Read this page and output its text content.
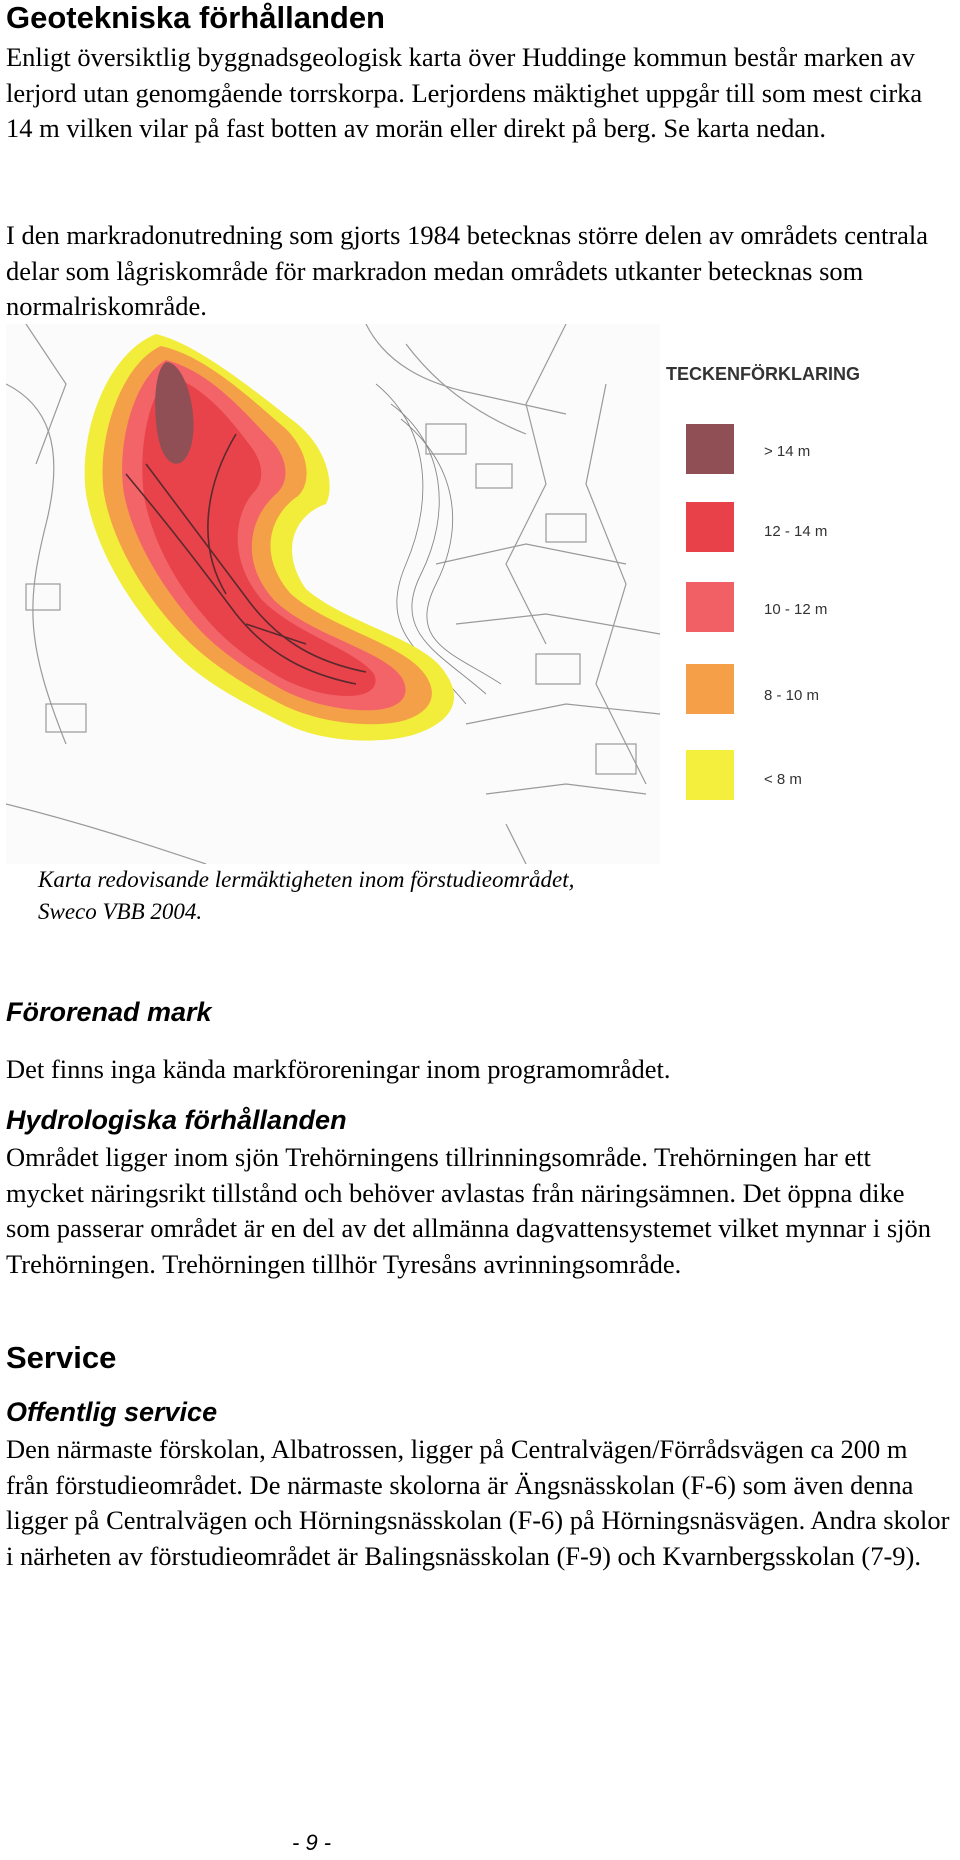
Geotekniska förhållanden

Enligt översiktlig byggnadsgeologisk karta över Huddinge kommun består marken av lerjord utan genomgående torrskorpa. Lerjordens mäktighet uppgår till som mest cirka 14 m vilken vilar på fast botten av morän eller direkt på berg. Se karta nedan.

I den markradonutredning som gjorts 1984 betecknas större delen av områdets centrala delar som lågriskområde för markradon medan områdets utkanter betecknas som normalriskområde.

TECKENFÖRKLARING
> 14 m
12 - 14 m
10 - 12 m
8 - 10 m
< 8 m
Karta redovisande lermäktigheten inom förstudieområdet,
Sweco VBB 2004.
Förorenad mark

Det finns inga kända markföroreningar inom programområdet.

Hydrologiska förhållanden

Området ligger inom sjön Trehörningens tillrinningsområde. Trehörningen har ett mycket näringsrikt tillstånd och behöver avlastas från näringsämnen. Det öppna dike som passerar området är en del av det allmänna dagvattensystemet vilket mynnar i sjön Trehörningen. Trehörningen tillhör Tyresåns avrinningsområde.

Service
Offentlig service

Den närmaste förskolan, Albatrossen, ligger på Centralvägen/Förrådsvägen ca 200 m från förstudieområdet. De närmaste skolorna är Ängsnässkolan (F-6) som även denna ligger på Centralvägen och Hörningsnässkolan (F-6) på Hörningsnäsvägen. Andra skolor i närheten av förstudieområdet är Balingsnässkolan (F-9) och Kvarnbergsskolan (7-9).

- 9 -
